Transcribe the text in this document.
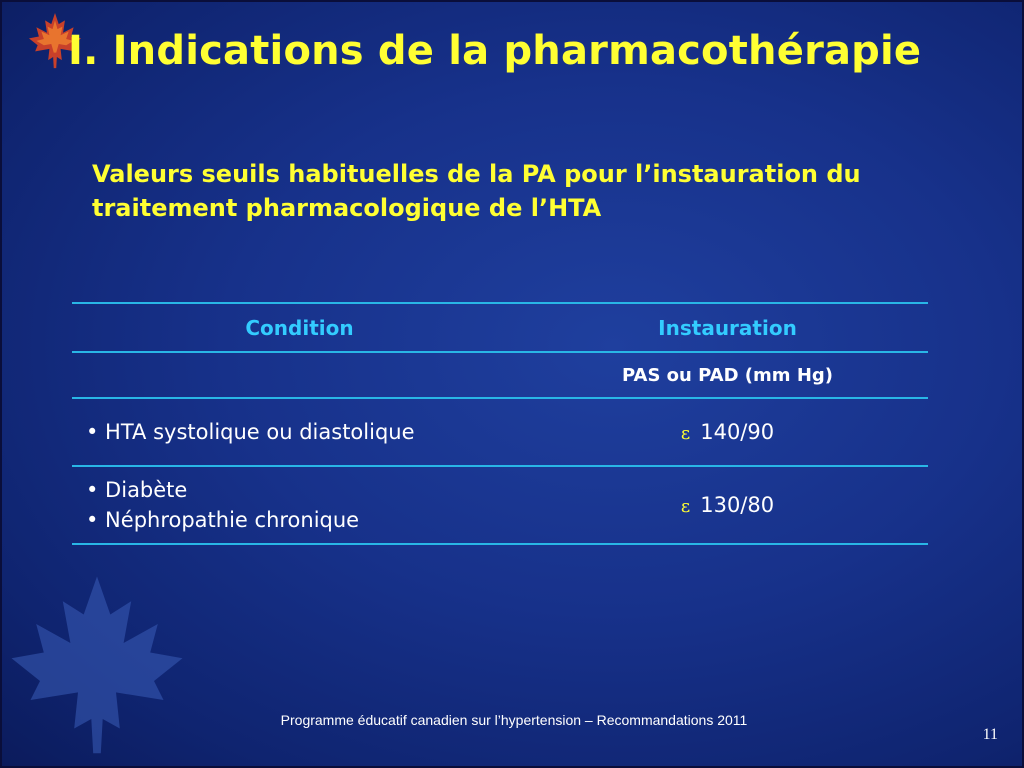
I. Indications de la pharmacothérapie

Valeurs seuils habituelles de la PA pour l’instauration du traitement pharmacologique de l’HTA

Condition	Instauration
PAS ou PAD (mm Hg)
• HTA systolique ou diastolique	ε 140/90
• Diabète
• Néphropathie chronique
ε 130/80
Programme éducatif canadien sur l’hypertension – Recommandations 2011
11
